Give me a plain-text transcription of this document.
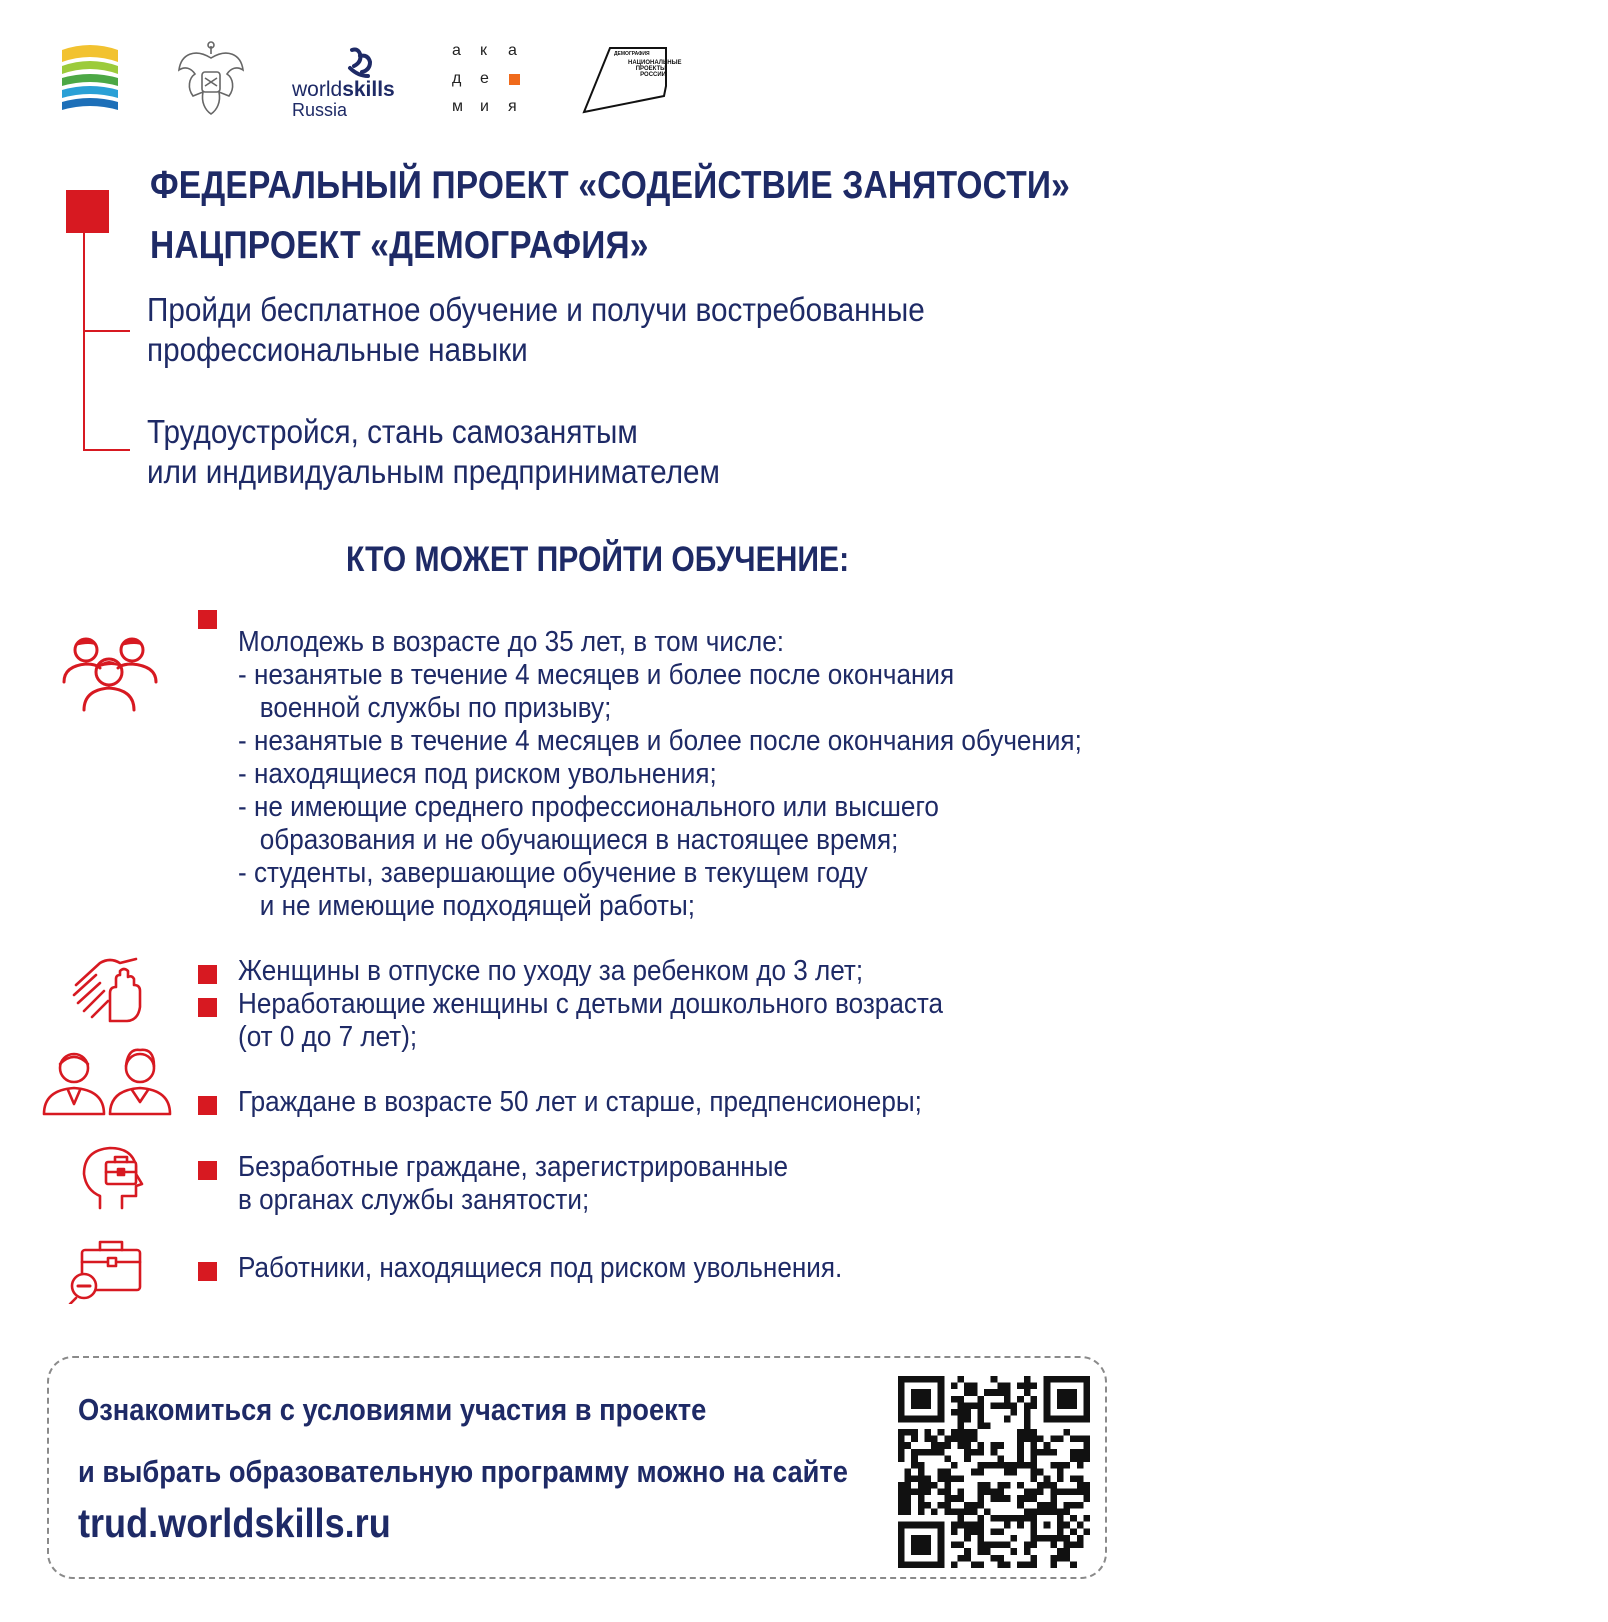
worldskills
Russia
а к а
д е
м и я
ДЕМОГРАФИЯ
НАЦИОНАЛЬНЫЕ ПРОЕКТЫ РОССИИ
ФЕДЕРАЛЬНЫЙ ПРОЕКТ «СОДЕЙСТВИЕ ЗАНЯТОСТИ»
НАЦПРОЕКТ «ДЕМОГРАФИЯ»
Пройди бесплатное обучение и получи востребованные
профессиональные навыки
Трудоустройся, стань самозанятым
или индивидуальным предпринимателем
КТО МОЖЕТ ПРОЙТИ ОБУЧЕНИЕ:
Молодежь в возрасте до 35 лет, в том числе:
- незанятые в течение 4 месяцев и более после окончания
военной службы по призыву;
- незанятые в течение 4 месяцев и более после окончания обучения;
- находящиеся под риском увольнения;
- не имеющие среднего профессионального или высшего
образования и не обучающиеся в настоящее время;
- студенты, завершающие обучение в текущем году
и не имеющие подходящей работы;
Женщины в отпуске по уходу за ребенком до 3 лет;
Неработающие женщины с детьми дошкольного возраста
(от 0 до 7 лет);
Граждане в возрасте 50 лет и старше, предпенсионеры;
Безработные граждане, зарегистрированные
в органах службы занятости;
Работники, находящиеся под риском увольнения.
Ознакомиться с условиями участия в проекте
и выбрать образовательную программу можно на сайте
trud.worldskills.ru
